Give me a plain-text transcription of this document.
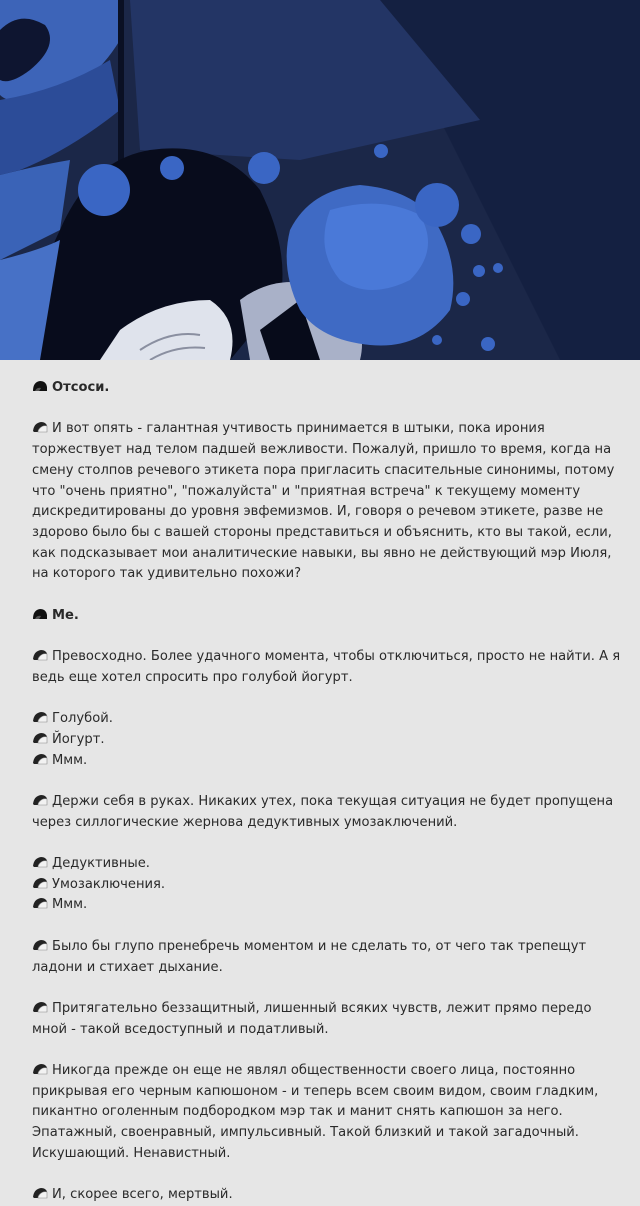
Отсоси.
И вот опять - галантная учтивость принимается в штыки, пока ирония торжествует над телом падшей вежливости. Пожалуй, пришло то время, когда на смену столпов речевого этикета пора пригласить спасительные синонимы, потому что "очень приятно", "пожалуйста" и "приятная встреча" к текущему моменту дискредитированы до уровня эвфемизмов. И, говоря о речевом этикете, разве не здорово было бы с вашей стороны представиться и объяснить, кто вы такой, если, как подсказывает мои аналитические навыки, вы явно не действующий мэр Июля, на которого так удивительно похожи?
Ме.
Превосходно. Более удачного момента, чтобы отключиться, просто не найти. А я ведь еще хотел спросить про голубой йогурт.
Голубой.
Йогурт.
Ммм.
Держи себя в руках. Никаких утех, пока текущая ситуация не будет пропущена через силлогические жернова дедуктивных умозаключений.
Дедуктивные.
Умозаключения.
Ммм.
Было бы глупо пренебречь моментом и не сделать то, от чего так трепещут ладони и стихает дыхание.
Притягательно беззащитный, лишенный всяких чувств, лежит прямо передо мной - такой вседоступный и податливый.
Никогда прежде он еще не являл общественности своего лица, постоянно прикрывая его черным капюшоном - и теперь всем своим видом, своим гладким, пикантно оголенным подбородком мэр так и манит снять капюшон за него. Эпатажный, своенравный, импульсивный. Такой близкий и такой загадочный. Искушающий. Ненавистный.
И, скорее всего, мертвый.
